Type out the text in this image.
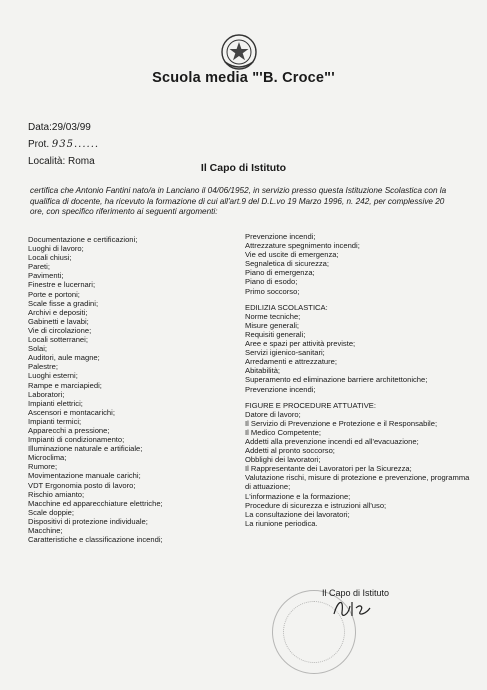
Scuola media "'B. Croce"'
Data:29/03/99
Prot. 935......
Località: Roma
Il Capo di Istituto
certifica che Antonio Fantini nato/a in Lanciano il 04/06/1952, in servizio presso questa Istituzione Scolastica con la qualifica di docente, ha ricevuto la formazione di cui all'art.9 del D.L.vo 19 Marzo 1996, n. 242, per complessive 20 ore, con specifico riferimento ai seguenti argomenti:
Documentazione e certificazioni;
Luoghi di lavoro;
Locali chiusi;
Pareti;
Pavimenti;
Finestre e lucernari;
Porte e portoni;
Scale fisse a gradini;
Archivi e depositi;
Gabinetti e lavabi;
Vie di circolazione;
Locali sotterranei;
Solai;
Auditori, aule magne;
Palestre;
Luoghi esterni;
Rampe e marciapiedi;
Laboratori;
Impianti elettrici;
Ascensori e montacarichi;
Impianti termici;
Apparecchi a pressione;
Impianti di condizionamento;
Illuminazione naturale e artificiale;
Microclima;
Rumore;
Movimentazione manuale carichi;
VDT Ergonomia posto di lavoro;
Rischio amianto;
Macchine ed apparecchiature elettriche;
Scale doppie;
Dispositivi di protezione individuale;
Macchine;
Caratteristiche e classificazione incendi;
Prevenzione incendi;
Attrezzature spegnimento incendi;
Vie ed uscite di emergenza;
Segnaletica di sicurezza;
Piano di emergenza;
Piano di esodo;
Primo soccorso;
EDILIZIA SCOLASTICA:
Norme tecniche;
Misure generali;
Requisiti generali;
Aree e spazi per attività previste;
Servizi igienico-sanitari;
Arredamenti e attrezzature;
Abitabilità;
Superamento ed eliminazione barriere architettoniche;
Prevenzione incendi;
FIGURE E PROCEDURE ATTUATIVE:
Datore di lavoro;
Il Servizio di Prevenzione e Protezione e il Responsabile;
Il Medico Competente;
Addetti alla prevenzione incendi ed all'evacuazione;
Addetti al pronto soccorso;
Obblighi dei lavoratori;
Il Rappresentante dei Lavoratori per la Sicurezza;
Valutazione rischi, misure di protezione e prevenzione, programma di attuazione;
L'informazione e la formazione;
Procedure di sicurezza e istruzioni all'uso;
La consultazione dei lavoratori;
La riunione periodica.
Il Capo di Istituto
